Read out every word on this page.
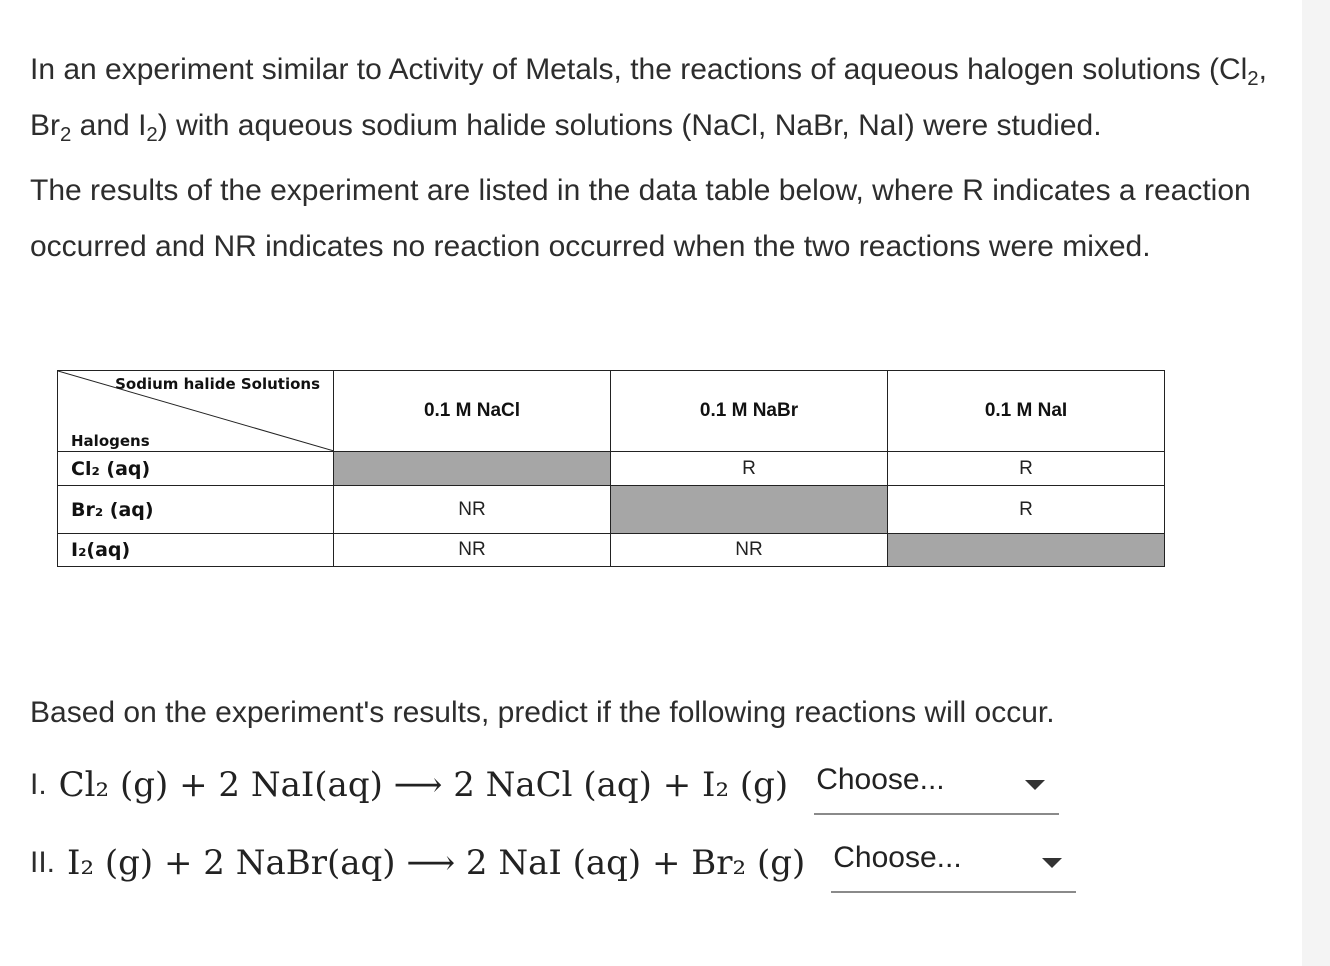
In an experiment similar to Activity of Metals, the reactions of aqueous halogen solutions ($Cl_2$, $Br_2$ and $I_2$) with aqueous sodium halide solutions (NaCl, NaBr, NaI) were studied.

The results of the experiment are listed in the data table below, where R indicates a reaction occurred and NR indicates no reaction occurred when the two reactions were mixed.

Sodium halide Solutions
Halogens	0.1 M NaCl	0.1 M NaBr	0.1 M NaI
Cl₂ (aq)		R	R
Br₂ (aq)	NR		R
I₂(aq)	NR	NR	

Based on the experiment's results, predict if the following reactions will occur.

I. Cl₂ (g) + 2 NaI(aq) ⟶ 2 NaCl (aq) + I₂ (g) Choose...
II. I₂ (g) + 2 NaBr(aq) ⟶ 2 NaI (aq) + Br₂ (g) Choose...
